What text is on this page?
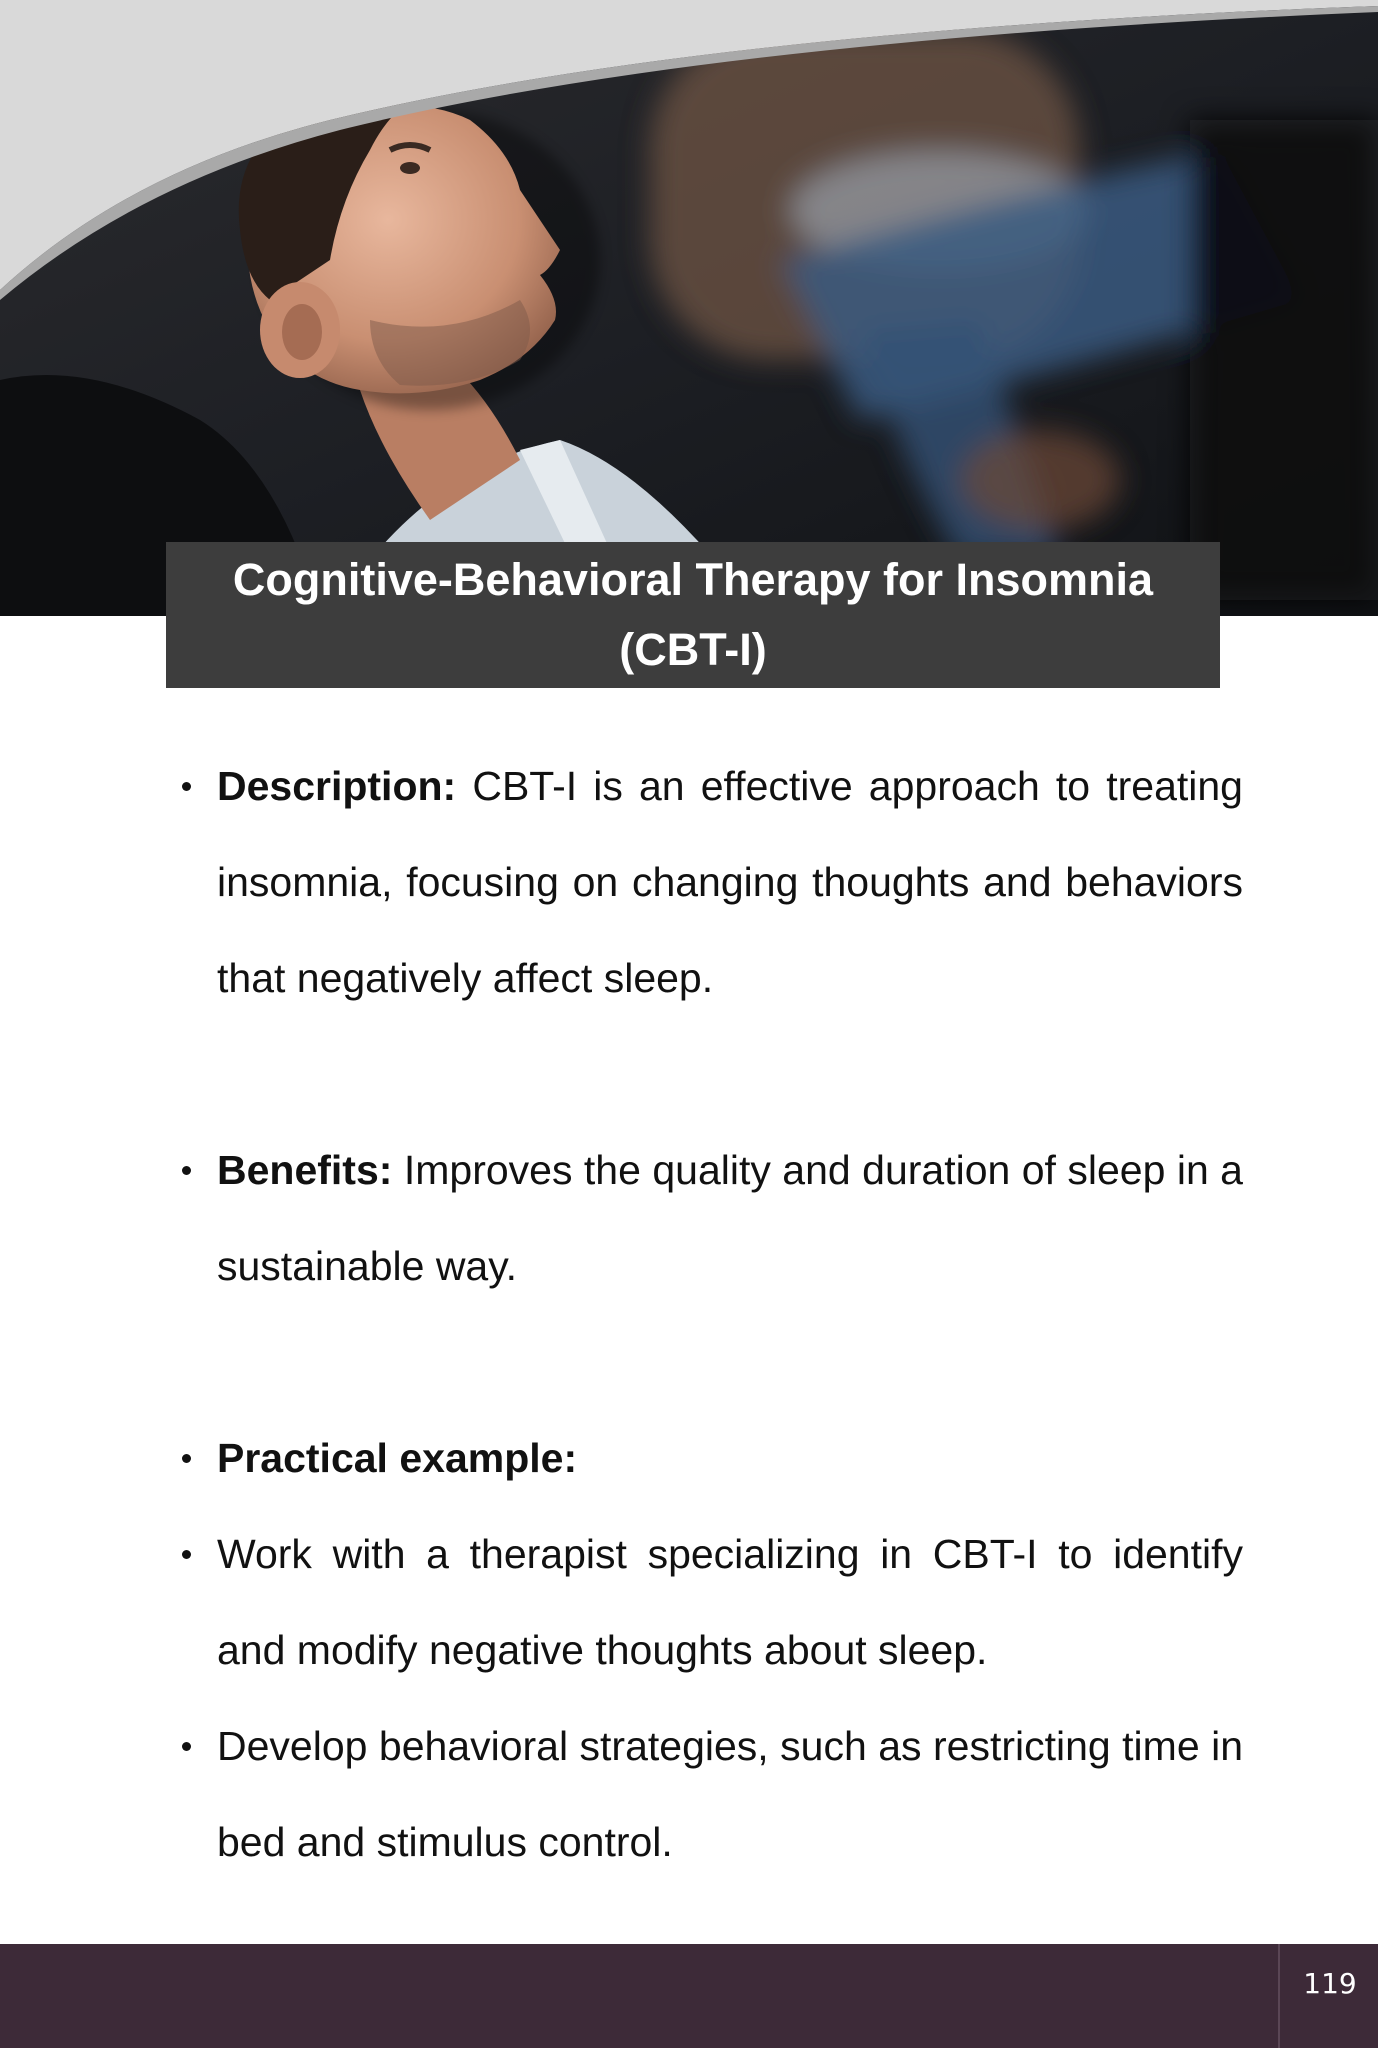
Cognitive-Behavioral Therapy for Insomnia
(CBT-I)
Description: CBT-I is an effective approach to treating insomnia, focusing on changing thoughts and behaviors that negatively affect sleep.
Benefits: Improves the quality and duration of sleep in a sustainable way.
Practical example:
Work with a therapist specializing in CBT-I to identify and modify negative thoughts about sleep.
Develop behavioral strategies, such as restricting time in bed and stimulus control.
119
